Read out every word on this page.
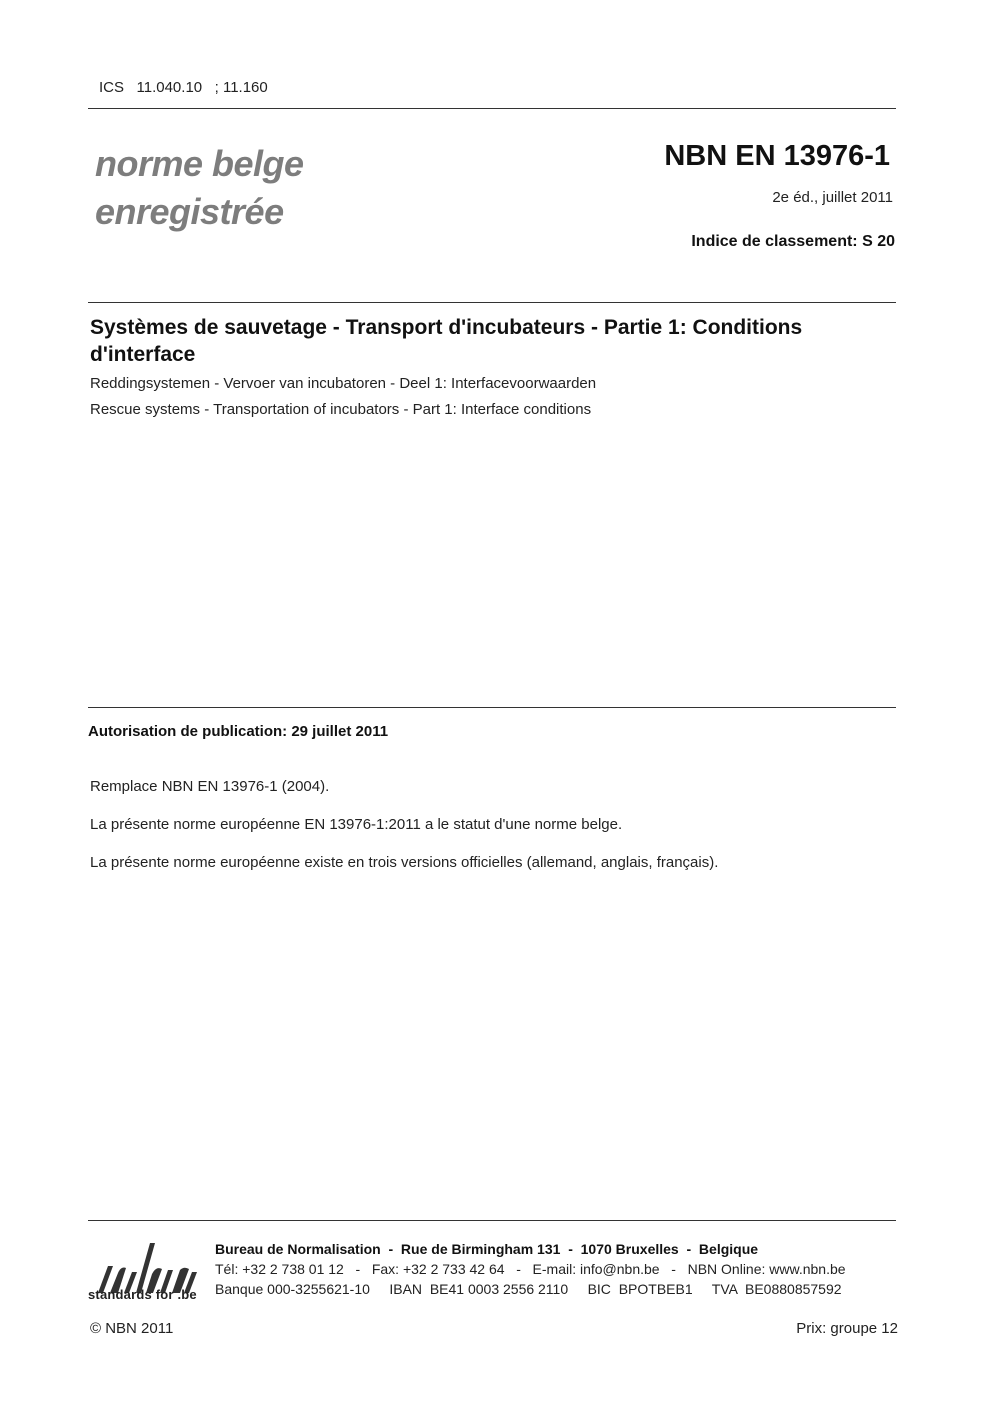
ICS   11.040.10   ; 11.160
norme belge
enregistrée
NBN EN 13976-1
2e éd., juillet 2011
Indice de classement: S 20
Systèmes de sauvetage - Transport d'incubateurs - Partie 1: Conditions d'interface
Reddingsystemen - Vervoer van incubatoren - Deel 1: Interfacevoorwaarden
Rescue systems - Transportation of incubators - Part 1: Interface conditions
Autorisation de publication: 29 juillet 2011
Remplace NBN EN 13976-1 (2004).
La présente norme européenne EN 13976-1:2011 a le statut d'une norme belge.
La présente norme européenne existe en trois versions officielles (allemand, anglais, français).
standards for .be
Bureau de Normalisation  -  Rue de Birmingham 131  -  1070 Bruxelles  -  Belgique
Tél: +32 2 738 01 12   -   Fax: +32 2 733 42 64   -   E-mail: info@nbn.be   -   NBN Online: www.nbn.be
Banque 000-3255621-10     IBAN  BE41 0003 2556 2110     BIC  BPOTBEB1     TVA  BE0880857592
© NBN 2011	Prix: groupe 12
